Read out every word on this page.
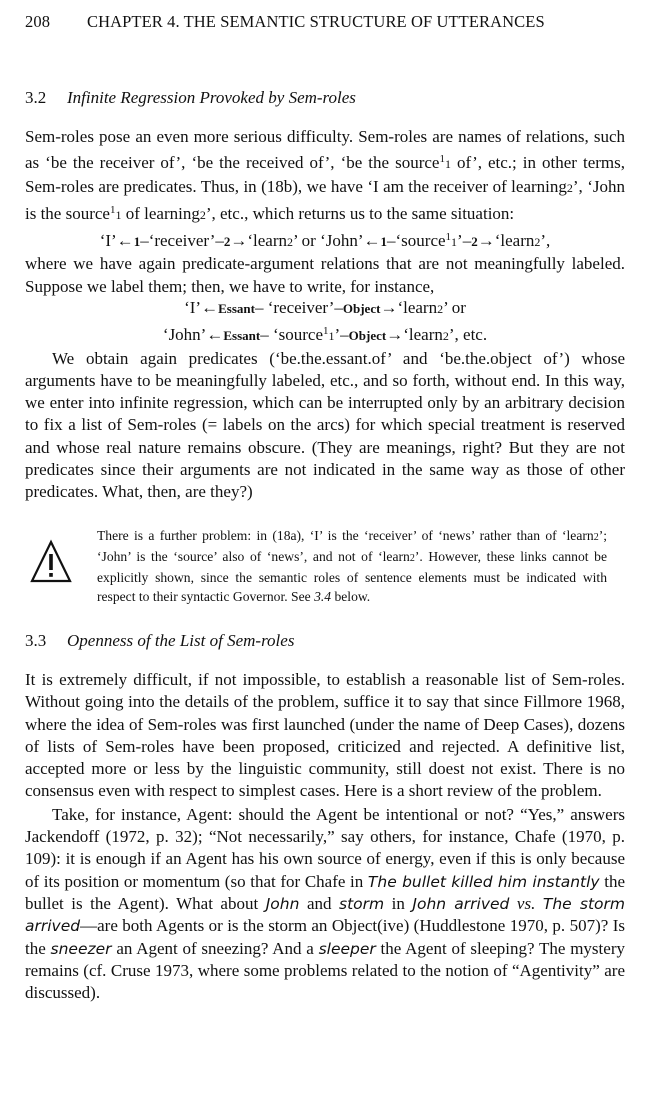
208 CHAPTER 4. THE SEMANTIC STRUCTURE OF UTTERANCES
3.2 Infinite Regression Provoked by Sem-roles

Sem-roles pose an even more serious difficulty. Sem-roles are names of relations, such as ‘be the receiver of’, ‘be the received of’, ‘be the source$^1$1 of’, etc.; in other terms, Sem-roles are predicates. Thus, in (18b), we have ‘I am the receiver of learning2’, ‘John is the source$^1$1 of learning2’, etc., which returns us to the same situation:

‘I’←1–‘receiver’–2→‘learn2’ or ‘John’←1–‘source$^1$1’–2→‘learn2’,

where we have again predicate-argument relations that are not meaningfully labeled. Suppose we label them; then, we have to write, for instance,

‘I’←Essant– ‘receiver’–Object→‘learn2’ or
‘John’←Essant– ‘source$^1$1’–Object→‘learn2’, etc.

We obtain again predicates (‘be.the.essant.of’ and ‘be.the.object of’) whose arguments have to be meaningfully labeled, etc., and so forth, without end. In this way, we enter into infinite regression, which can be interrupted only by an arbitrary decision to fix a list of Sem-roles (= labels on the arcs) for which special treatment is reserved and whose real nature remains obscure. (They are meanings, right? But they are not predicates since their arguments are not indicated in the same way as those of other predicates. What, then, are they?)

There is a further problem: in (18a), ‘I’ is the ‘receiver’ of ‘news’ rather than of ‘learn2’; ‘John’ is the ‘source’ also of ‘news’, and not of ‘learn2’. However, these links cannot be explicitly shown, since the semantic roles of sentence elements must be indicated with respect to their syntactic Governor. See 3.4 below.
3.3 Openness of the List of Sem-roles

It is extremely difficult, if not impossible, to establish a reasonable list of Sem-roles. Without going into the details of the problem, suffice it to say that since Fillmore 1968, where the idea of Sem-roles was first launched (under the name of Deep Cases), dozens of lists of Sem-roles have been proposed, criticized and rejected. A definitive list, accepted more or less by the linguistic community, still doest not exist. There is no consensus even with respect to simplest cases. Here is a short review of the problem.

Take, for instance, Agent: should the Agent be intentional or not? “Yes,” answers Jackendoff (1972, p. 32); “Not necessarily,” say others, for instance, Chafe (1970, p. 109): it is enough if an Agent has his own source of energy, even if this is only because of its position or momentum (so that for Chafe in The bullet killed him instantly the bullet is the Agent). What about John and storm in John arrived vs. The storm arrived—are both Agents or is the storm an Object(ive) (Huddlestone 1970, p. 507)? Is the sneezer an Agent of sneezing? And a sleeper the Agent of sleeping? The mystery remains (cf. Cruse 1973, where some problems related to the notion of “Agentivity” are discussed).
